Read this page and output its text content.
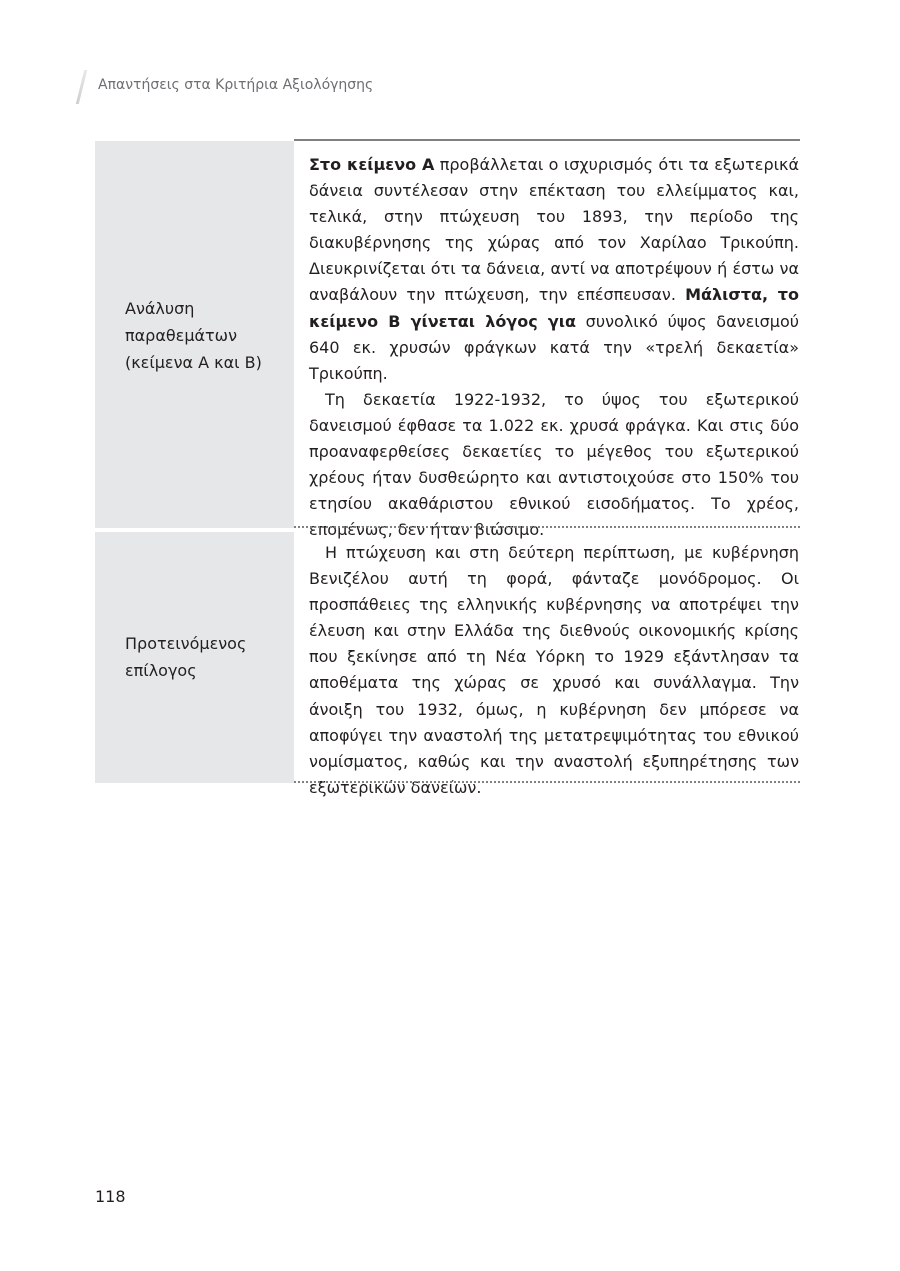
Απαντήσεις στα Κριτήρια Αξιολόγησης
Ανάλυση
παραθεμάτων
(κείμενα Α και Β)

Στο κείμενο Α προβάλλεται ο ισχυρισμός ότι τα εξωτερικά δάνεια συντέλεσαν στην επέκταση του ελλείμματος και, τελικά, στην πτώχευση του 1893, την περίοδο της διακυβέρνησης της χώρας από τον Χαρίλαο Τρικούπη. Διευκρινίζεται ότι τα δάνεια, αντί να αποτρέψουν ή έστω να αναβάλουν την πτώχευση, την επέσπευσαν. Μάλιστα, το κείμενο Β γίνεται λόγος για συνολικό ύψος δανεισμού 640 εκ. χρυσών φράγκων κατά την «τρελή δεκαετία» Τρικούπη.

Τη δεκαετία 1922-1932, το ύψος του εξωτερικού δανεισμού έφθασε τα 1.022 εκ. χρυσά φράγκα. Και στις δύο προαναφερθείσες δεκαετίες το μέγεθος του εξωτερικού χρέους ήταν δυσθεώρητο και αντιστοιχούσε στο 150% του ετησίου ακαθάριστου εθνικού εισοδήματος. Το χρέος, επομένως, δεν ήταν βιώσιμο.

Προτεινόμενος
επίλογος

Η πτώχευση και στη δεύτερη περίπτωση, με κυβέρνηση Βενιζέλου αυτή τη φορά, φάνταζε μονόδρομος. Οι προσπάθειες της ελληνικής κυβέρνησης να αποτρέψει την έλευση και στην Ελλάδα της διεθνούς οικονομικής κρίσης που ξεκίνησε από τη Νέα Υόρκη το 1929 εξάντλησαν τα αποθέματα της χώρας σε χρυσό και συνάλλαγμα. Την άνοιξη του 1932, όμως, η κυβέρνηση δεν μπόρεσε να αποφύγει την αναστολή της μετατρεψιμότητας του εθνικού νομίσματος, καθώς και την αναστολή εξυπηρέτησης των εξωτερικών δανείων.

118
